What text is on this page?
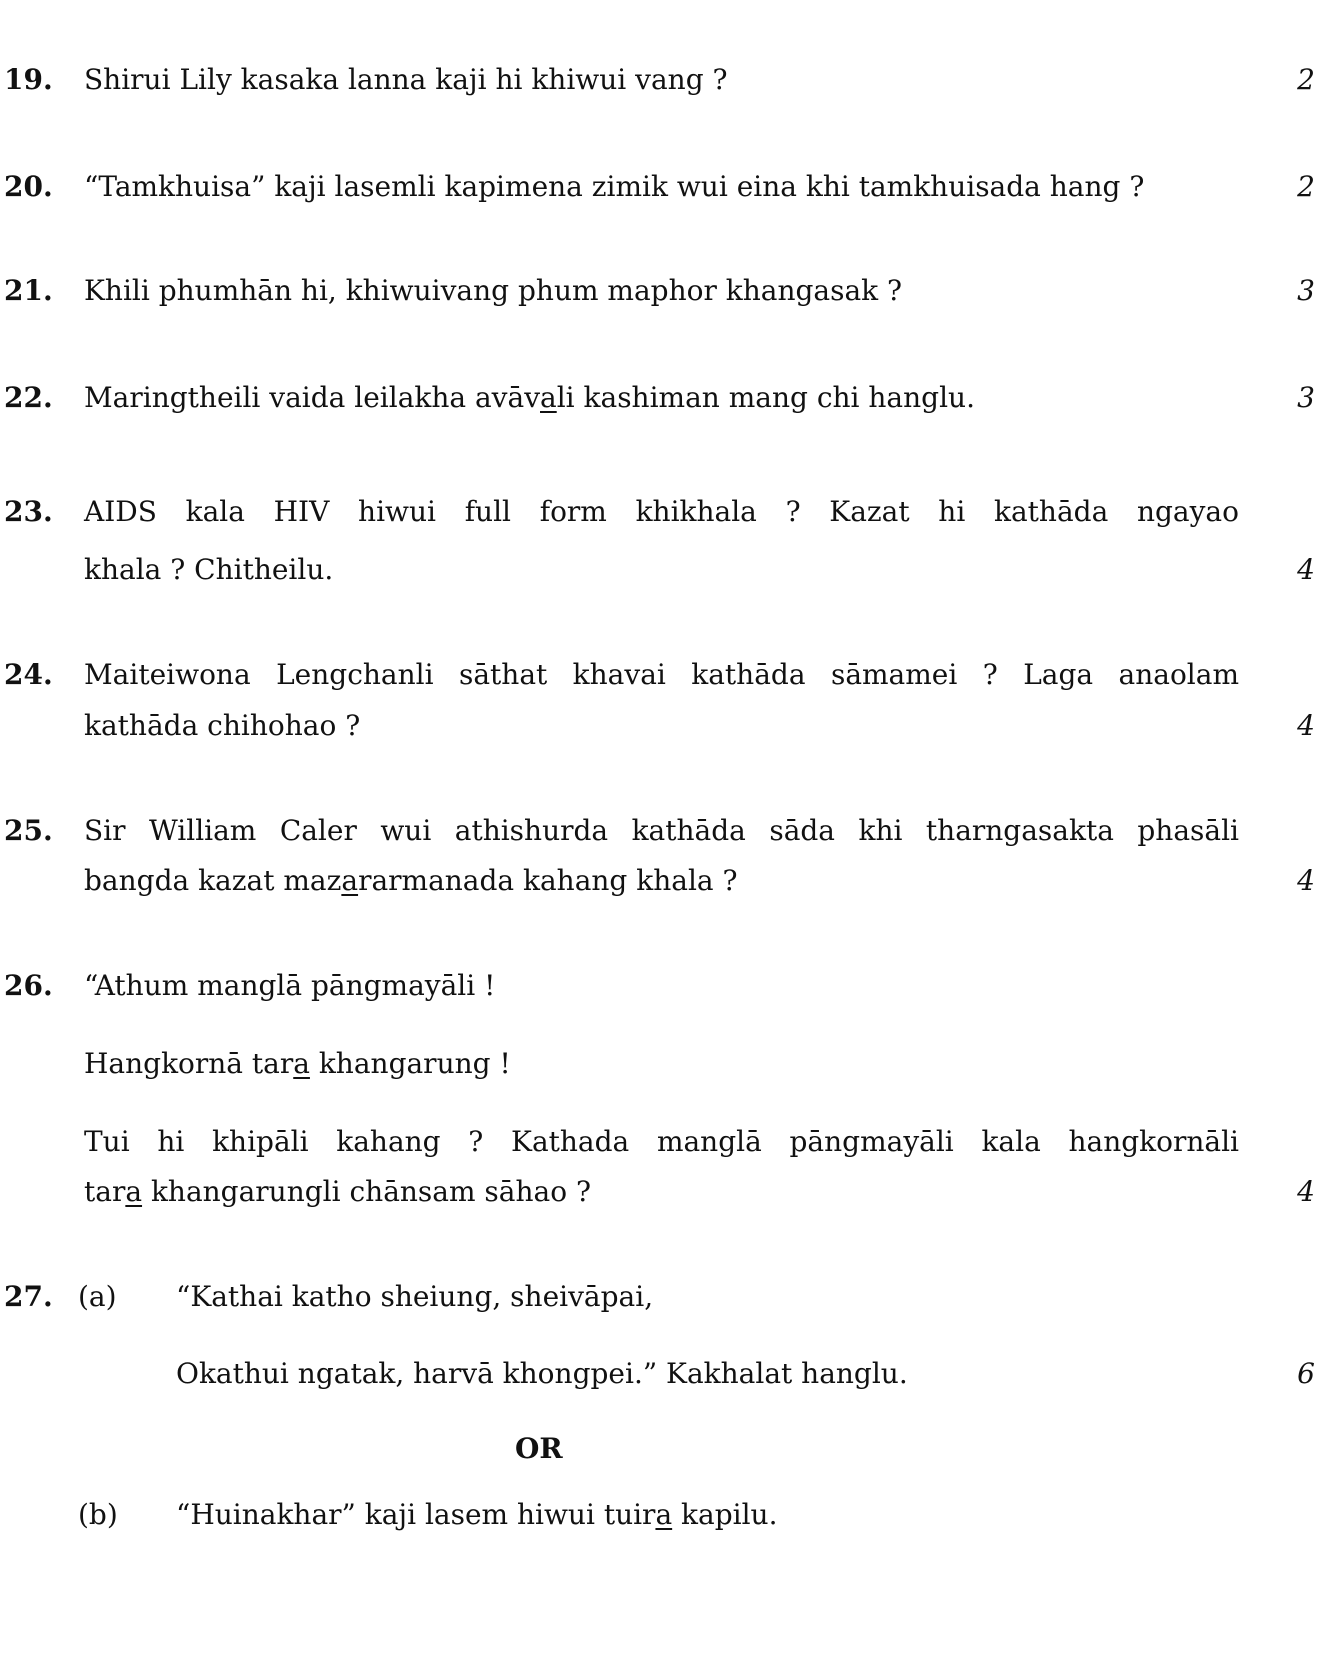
19. Shirui Lily kasaka lanna kaji hi khiwui vang ?	2
20. “Tamkhuisa” kaji lasemli kapimena zimik wui eina khi tamkhuisada hang ?	2
21. Khili phumhān hi, khiwuivang phum maphor khangasak ?	3
22. Maringtheili vaida leilakha avāvali kashiman mang chi hanglu.	3
23. AIDS kala HIV hiwui full form khikhala ? Kazat hi kathāda ngayao
khala ? Chitheilu.	4
24. Maiteiwona Lengchanli sāthat khavai kathāda sāmamei ? Laga anaolam
kathāda chihohao ?	4
25. Sir William Caler wui athishurda kathāda sāda khi tharngasakta phasāli
bangda kazat mazararmanada kahang khala ?	4
26. “Athum manglā pāngmayāli !
Hangkornā tara khangarung !
Tui hi khipāli kahang ? Kathada manglā pāngmayāli kala hangkornāli
tara khangarungli chānsam sāhao ?	4
27. (a) “Kathai katho sheiung, sheivāpai,
Okathui ngatak, harvā khongpei.” Kakhalat hanglu.	6
OR
(b) “Huinakhar” kaji lasem hiwui tuira kapilu.
